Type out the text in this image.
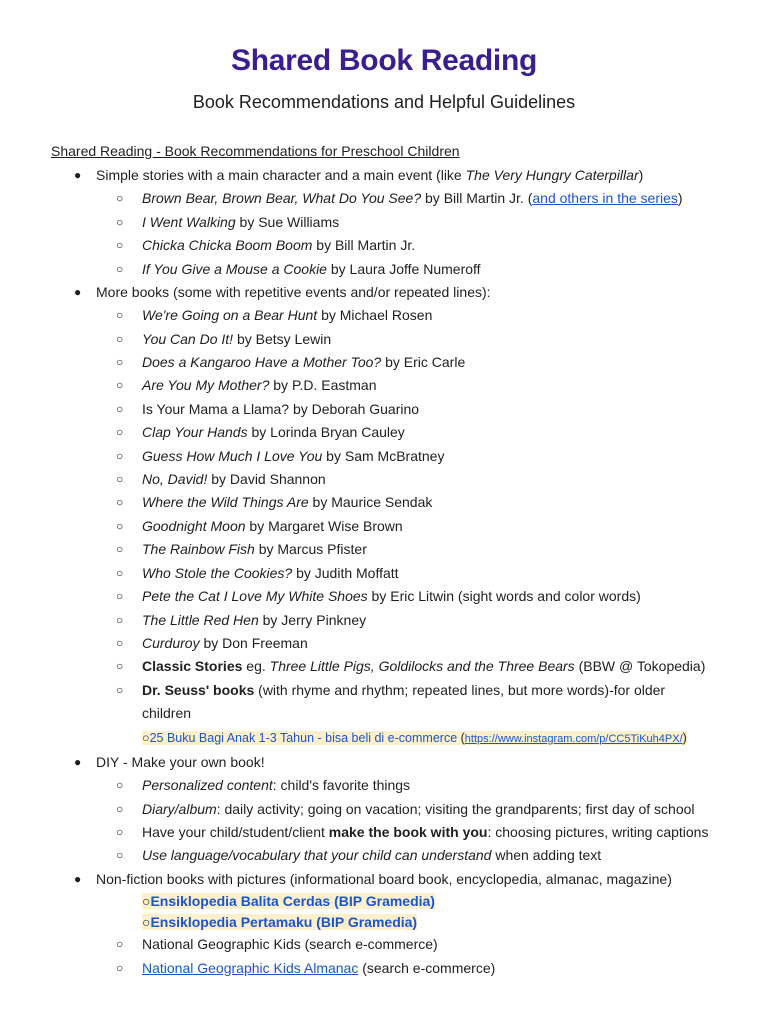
Shared Book Reading
Book Recommendations and Helpful Guidelines
Shared Reading - Book Recommendations for Preschool Children
● Simple stories with a main character and a main event (like The Very Hungry Caterpillar)
○ Brown Bear, Brown Bear, What Do You See? by Bill Martin Jr. (and others in the series)
○ I Went Walking by Sue Williams
○ Chicka Chicka Boom Boom by Bill Martin Jr.
○ If You Give a Mouse a Cookie by Laura Joffe Numeroff
● More books (some with repetitive events and/or repeated lines):
○ We're Going on a Bear Hunt by Michael Rosen
○ You Can Do It! by Betsy Lewin
○ Does a Kangaroo Have a Mother Too? by Eric Carle
○ Are You My Mother? by P.D. Eastman
○ Is Your Mama a Llama? by Deborah Guarino
○ Clap Your Hands by Lorinda Bryan Cauley
○ Guess How Much I Love You by Sam McBratney
○ No, David! by David Shannon
○ Where the Wild Things Are by Maurice Sendak
○ Goodnight Moon by Margaret Wise Brown
○ The Rainbow Fish by Marcus Pfister
○ Who Stole the Cookies? by Judith Moffatt
○ Pete the Cat I Love My White Shoes by Eric Litwin (sight words and color words)
○ The Little Red Hen by Jerry Pinkney
○ Curduroy by Don Freeman
○ Classic Stories eg. Three Little Pigs, Goldilocks and the Three Bears (BBW @ Tokopedia)
○ Dr. Seuss' books (with rhyme and rhythm; repeated lines, but more words)-for older children
○25 Buku Bagi Anak 1-3 Tahun - bisa beli di e-commerce (https://www.instagram.com/p/CC5TiKuh4PX/)
● DIY - Make your own book!
○ Personalized content: child's favorite things
○ Diary/album: daily activity; going on vacation; visiting the grandparents; first day of school
○ Have your child/student/client make the book with you: choosing pictures, writing captions
○ Use language/vocabulary that your child can understand when adding text
● Non-fiction books with pictures (informational board book, encyclopedia, almanac, magazine)
○Ensiklopedia Balita Cerdas (BIP Gramedia)
○Ensiklopedia Pertamaku (BIP Gramedia)
○ National Geographic Kids (search e-commerce)
○ National Geographic Kids Almanac (search e-commerce)
